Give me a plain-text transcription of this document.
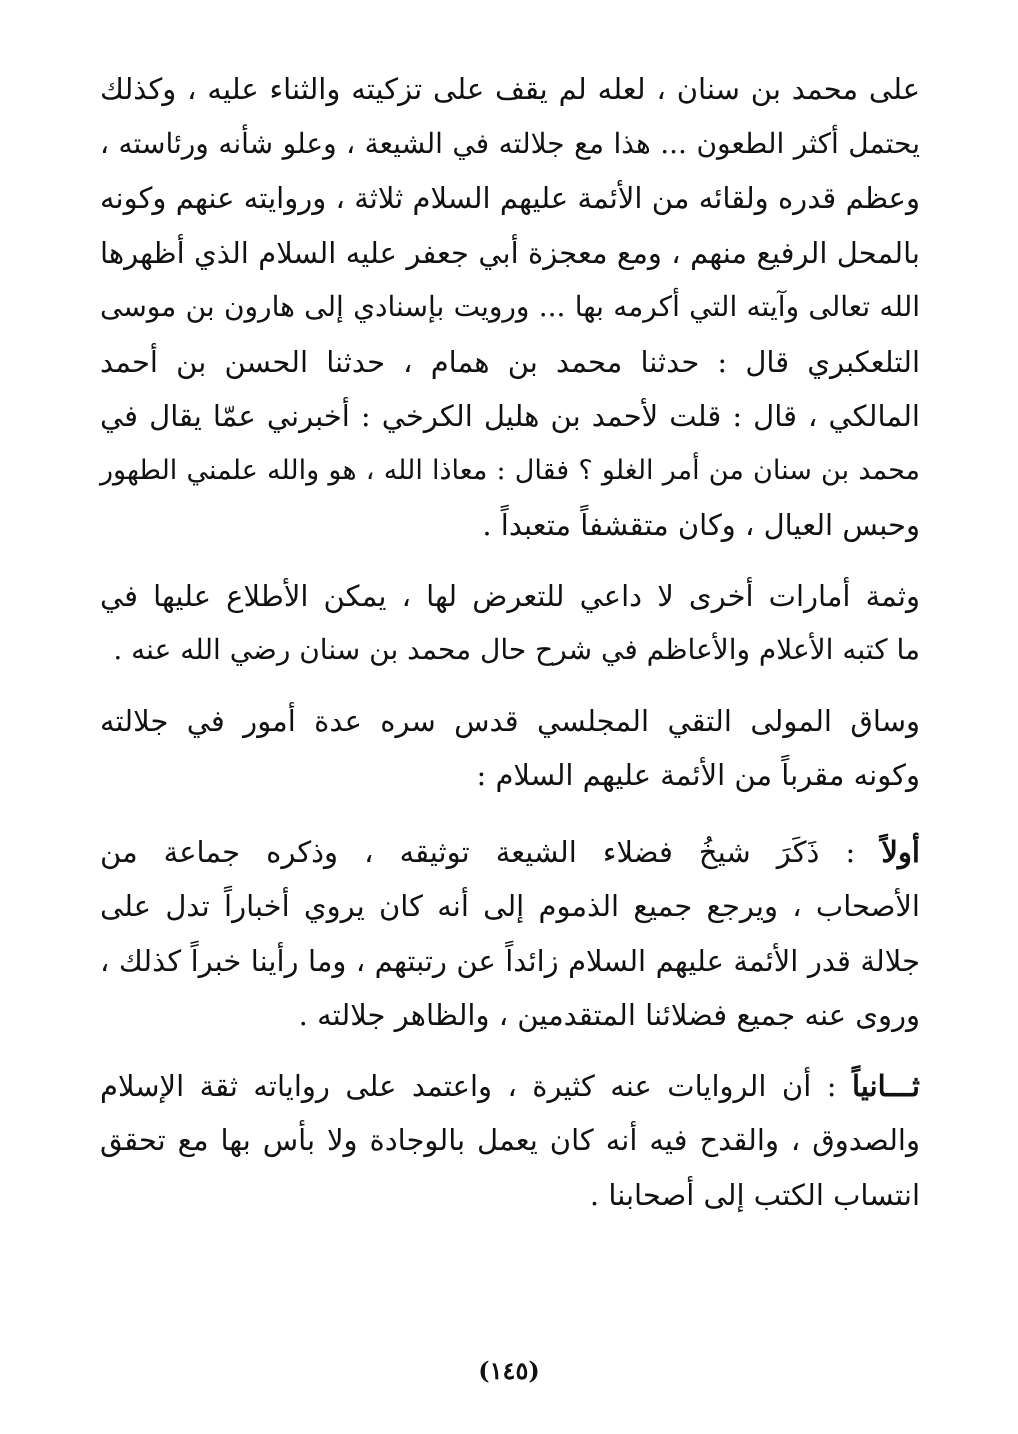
على محمد بن سنان ، لعله لم يقف على تزكيته والثناء عليه ، وكذلك
يحتمل أكثر الطعون ... هذا مع جلالته في الشيعة ، وعلو شأنه ورئاسته ،
وعظم قدره ولقائه من الأئمة عليهم السلام ثلاثة ، وروايته عنهم وكونه
بالمحل الرفيع منهم ، ومع معجزة أبي جعفر عليه السلام الذي أظهرها
الله تعالى وآيته التي أكرمه بها ... ورويت بإسنادي إلى هارون بن موسى
التلعكبري قال : حدثنا محمد بن همام ، حدثنا الحسن بن أحمد
المالكي ، قال : قلت لأحمد بن هليل الكرخي : أخبرني عمّا يقال في
محمد بن سنان من أمر الغلو ؟ فقال : معاذا الله ، هو والله علمني الطهور
وحبس العيال ، وكان متقشفاً متعبداً .
وثمة أمارات أخرى لا داعي للتعرض لها ، يمكن الأطلاع عليها في
ما كتبه الأعلام والأعاظم في شرح حال محمد بن سنان رضي الله عنه .
وساق المولى التقي المجلسي قدس سره عدة أمور في جلالته
وكونه مقرباً من الأئمة عليهم السلام :
أولاً : ذَكَرَ شيخُ فضلاء الشيعة توثيقه ، وذكره جماعة من
الأصحاب ، ويرجع جميع الذموم إلى أنه كان يروي أخباراً تدل على
جلالة قدر الأئمة عليهم السلام زائداً عن رتبتهم ، وما رأينا خبراً كذلك ،
وروى عنه جميع فضلائنا المتقدمين ، والظاهر جلالته .
ثـــانياً : أن الروايات عنه كثيرة ، واعتمد على رواياته ثقة الإسلام
والصدوق ، والقدح فيه أنه كان يعمل بالوجادة ولا بأس بها مع تحقق
انتساب الكتب إلى أصحابنا .
(١٤٥)
